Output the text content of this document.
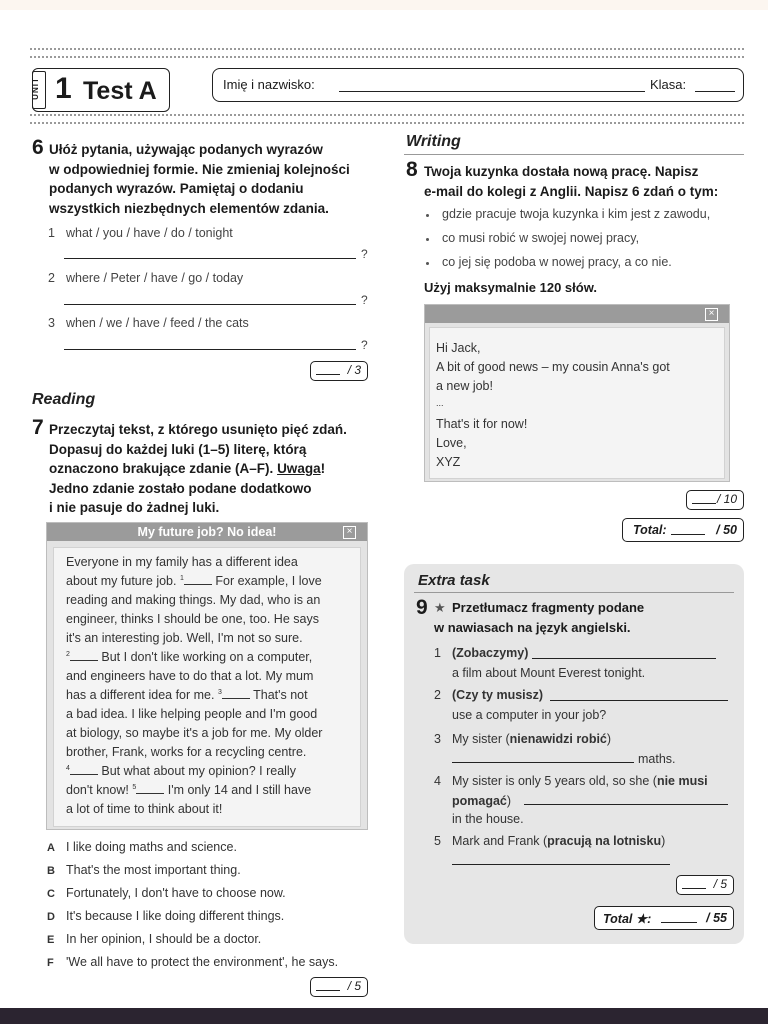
UNIT 1 Test A	Imię i nazwisko:	Klasa:
6 Ułóż pytania, używając podanych wyrazów
w odpowiedniej formie. Nie zmieniaj kolejności
podanych wyrazów. Pamiętaj o dodaniu
wszystkich niezbędnych elementów zdania.
1 what / you / have / do / tonight
?
2 where / Peter / have / go / today
?
3 when / we / have / feed / the cats
?
/ 3
Reading
7 Przeczytaj tekst, z którego usunięto pięć zdań.
Dopasuj do każdej luki (1–5) literę, którą
oznaczono brakujące zdanie (A–F). Uwaga!
Jedno zdanie zostało podane dodatkowo
i nie pasuje do żadnej luki.
My future job? No idea!	×
Everyone in my family has a different idea
about my future job. $^1$	For example, I love
reading and making things. My dad, who is an
engineer, thinks I should be one, too. He says
it's an interesting job. Well, I'm not so sure.
$^2$	But I don't like working on a computer,
and engineers have to do that a lot. My mum
has a different idea for me. $^3$	That's not
a bad idea. I like helping people and I'm good
at biology, so maybe it's a job for me. My older
brother, Frank, works for a recycling centre.
$^4$	But what about my opinion? I really
don't know! $^5$	I'm only 14 and I still have
a lot of time to think about it!
A I like doing maths and science.
B That's the most important thing.
C Fortunately, I don't have to choose now.
D It's because I like doing different things.
E In her opinion, I should be a doctor.
F 'We all have to protect the environment', he says.
/ 5
Writing
8 Twoja kuzynka dostała nową pracę. Napisz
e-mail do kolegi z Anglii. Napisz 6 zdań o tym:
gdzie pracuje twoja kuzynka i kim jest z zawodu,
co musi robić w swojej nowej pracy,
co jej się podoba w nowej pracy, a co nie.
Użyj maksymalnie 120 słów.
×
Hi Jack,
A bit of good news – my cousin Anna's got
a new job!
...
That's it for now!
Love,
XYZ
/ 10
Total:	/ 50
Extra task
9 ★ Przetłumacz fragmenty podane
w nawiasach na język angielski.
1 (Zobaczymy)
a film about Mount Everest tonight.
2 (Czy ty musisz)
use a computer in your job?
3 My sister (nienawidzi robić)
maths.
4 My sister is only 5 years old, so she (nie musi
pomagać)
in the house.
5 Mark and Frank (pracują na lotnisku)
/ 5
Total ★:	/ 55
